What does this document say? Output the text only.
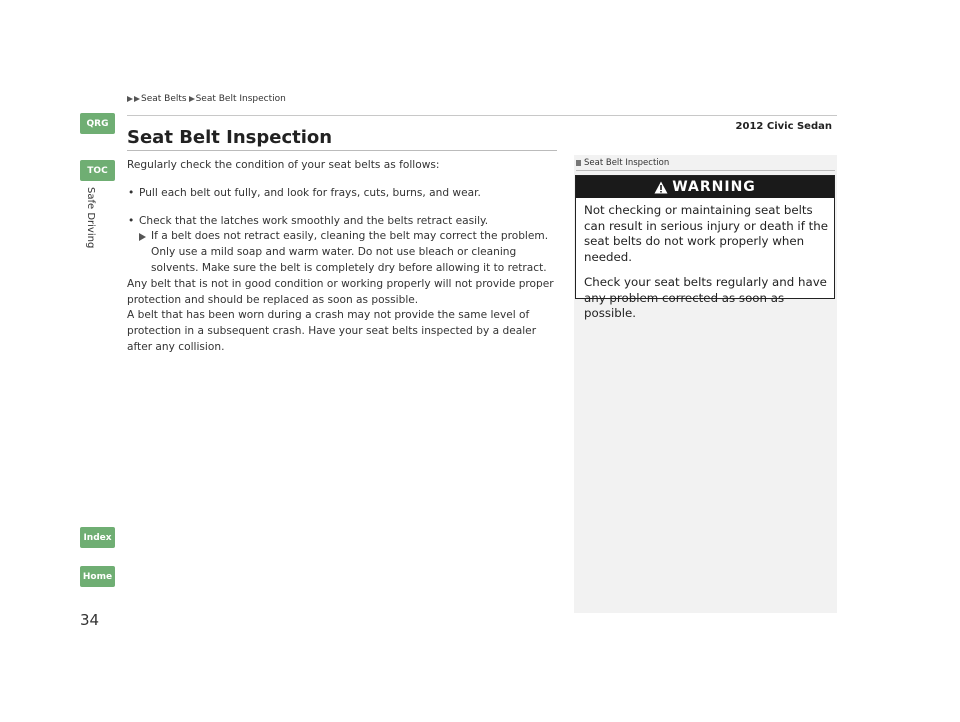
Seat Belts Seat Belt Inspection
2012 Civic Sedan
QRG
TOC
Safe Driving
Index
Home
34
Seat Belt Inspection

Regularly check the condition of your seat belts as follows:

• Pull each belt out fully, and look for frays, cuts, burns, and wear.
• Check that the latches work smoothly and the belts retract easily.
If a belt does not retract easily, cleaning the belt may correct the problem. Only use a mild soap and warm water. Do not use bleach or cleaning solvents. Make sure the belt is completely dry before allowing it to retract.

Any belt that is not in good condition or working properly will not provide proper protection and should be replaced as soon as possible.

A belt that has been worn during a crash may not provide the same level of protection in a subsequent crash. Have your seat belts inspected by a dealer after any collision.

Seat Belt Inspection
WARNING

Not checking or maintaining seat belts can result in serious injury or death if the seat belts do not work properly when needed.

Check your seat belts regularly and have any problem corrected as soon as possible.
